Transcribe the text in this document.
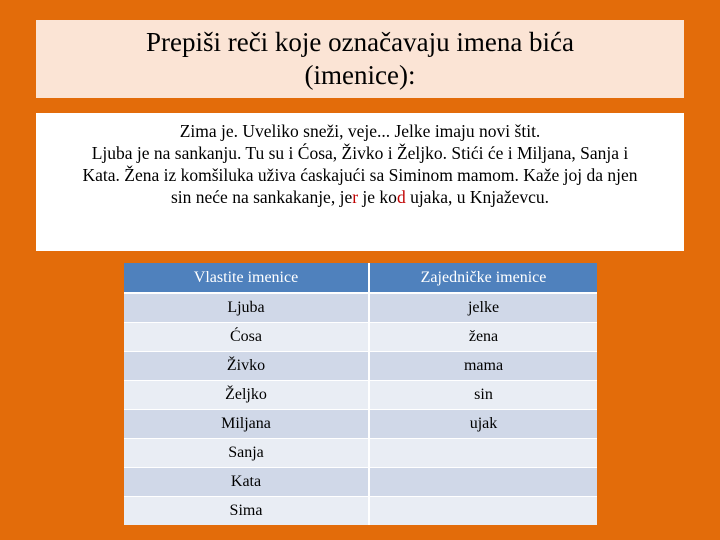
Prepiši reči koje označavaju imena bića
(imenice):
Zima je. Uveliko sneži, veje... Jelke imaju novi štit.
Ljuba je na sankanju. Tu su i Ćosa, Živko i Željko. Stići će i Miljana, Sanja i
Kata. Žena iz komšiluka uživa ćaskajući sa Siminom mamom. Kaže joj da njen
sin neće na sankakanje, jer je kod ujaka, u Knjaževcu.
Vlastite imenice	Zajedničke imenice
Ljuba	jelke
Ćosa	žena
Živko	mama
Željko	sin
Miljana	ujak
Sanja	
Kata	
Sima	
